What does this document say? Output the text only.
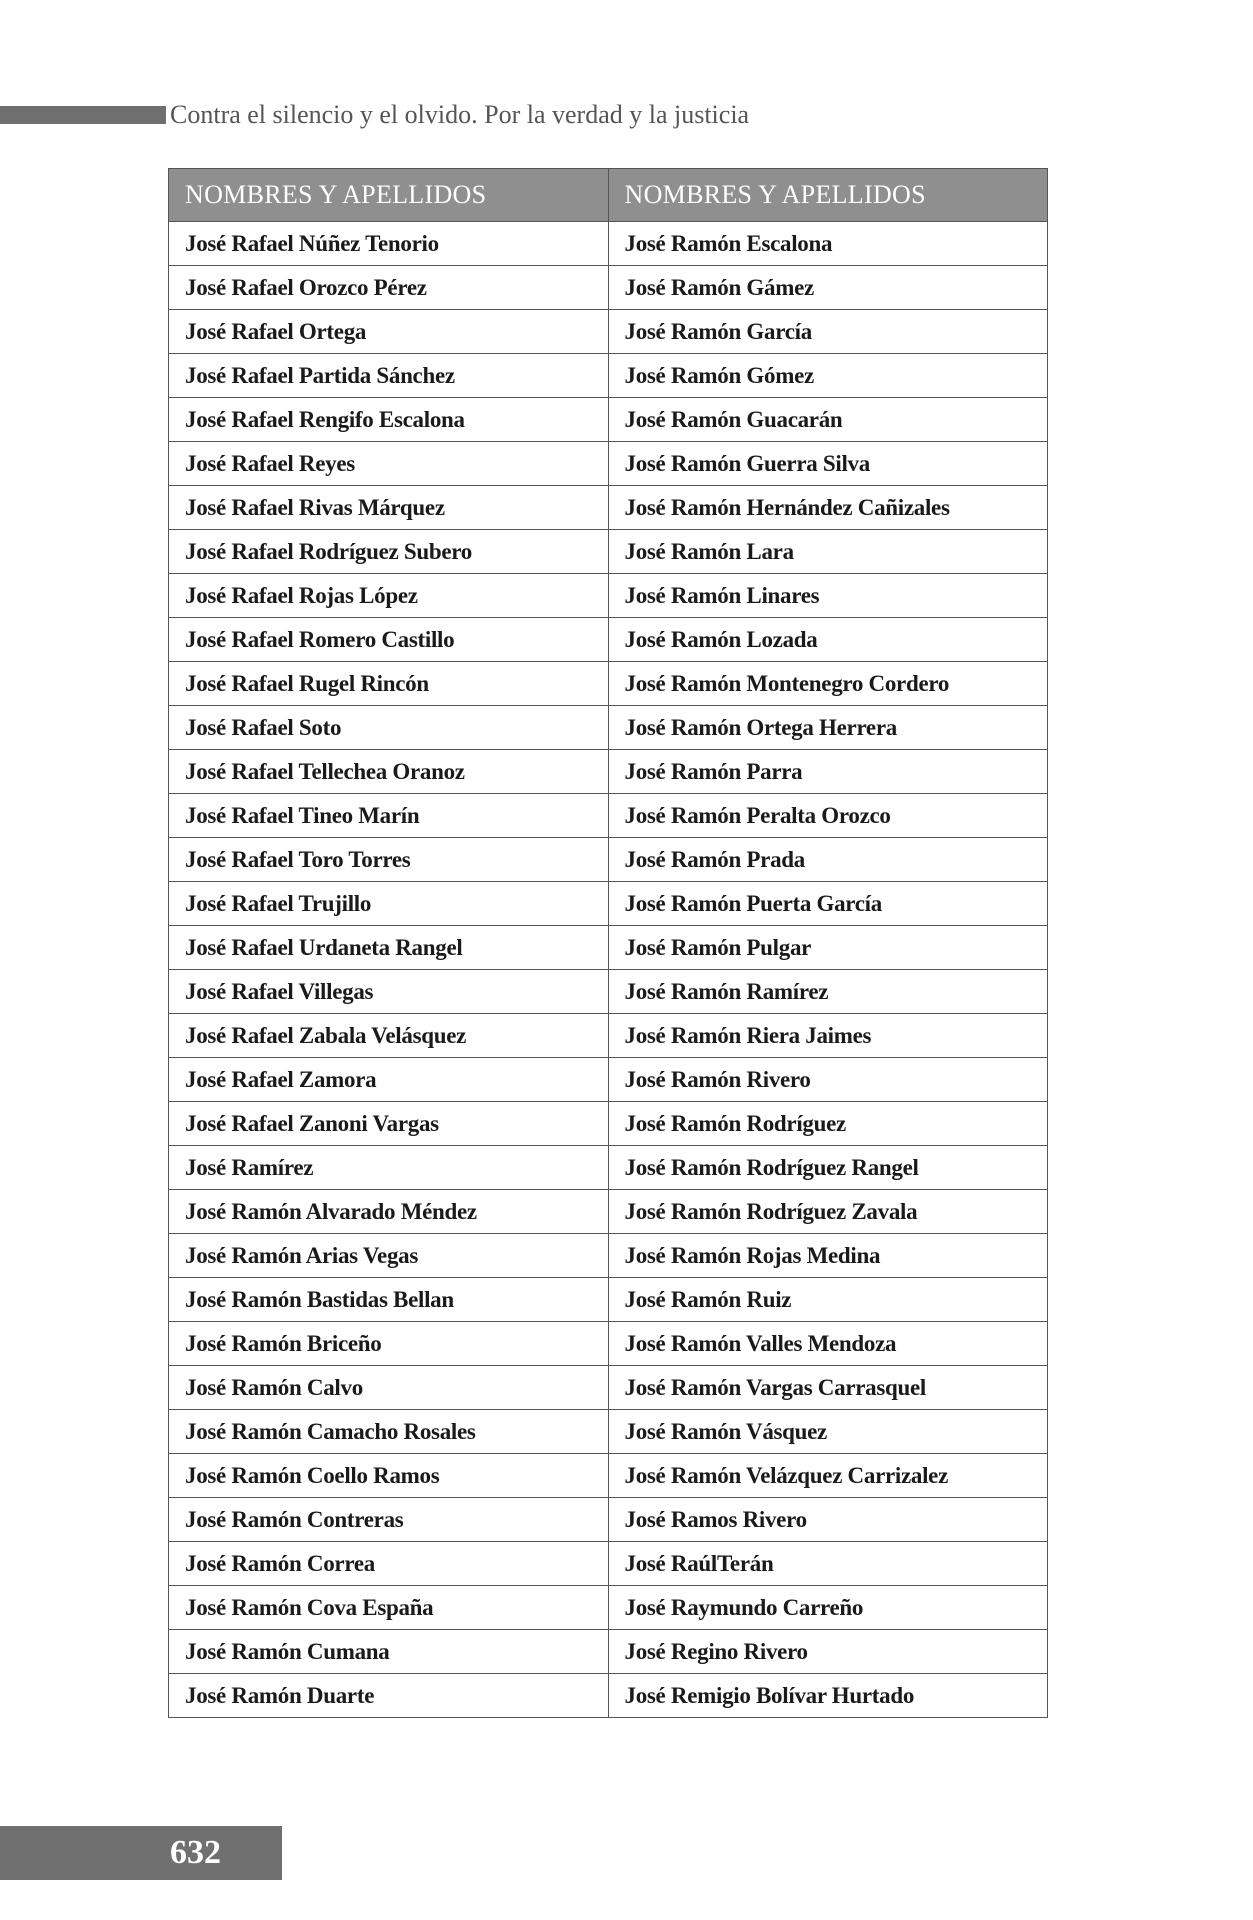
Contra el silencio y el olvido. Por la verdad y la justicia
NOMBRES Y APELLIDOS	NOMBRES Y APELLIDOS
José Rafael Núñez Tenorio	José Ramón Escalona
José Rafael Orozco Pérez	José Ramón Gámez
José Rafael Ortega	José Ramón García
José Rafael Partida Sánchez	José Ramón Gómez
José Rafael Rengifo Escalona	José Ramón Guacarán
José Rafael Reyes	José Ramón Guerra Silva
José Rafael Rivas Márquez	José Ramón Hernández Cañizales
José Rafael Rodríguez Subero	José Ramón Lara
José Rafael Rojas López	José Ramón Linares
José Rafael Romero Castillo	José Ramón Lozada
José Rafael Rugel Rincón	José Ramón Montenegro Cordero
José Rafael Soto	José Ramón Ortega Herrera
José Rafael Tellechea Oranoz	José Ramón Parra
José Rafael Tineo Marín	José Ramón Peralta Orozco
José Rafael Toro Torres	José Ramón Prada
José Rafael Trujillo	José Ramón Puerta García
José Rafael Urdaneta Rangel	José Ramón Pulgar
José Rafael Villegas	José Ramón Ramírez
José Rafael Zabala Velásquez	José Ramón Riera Jaimes
José Rafael Zamora	José Ramón Rivero
José Rafael Zanoni Vargas	José Ramón Rodríguez
José Ramírez	José Ramón Rodríguez Rangel
José Ramón Alvarado Méndez	José Ramón Rodríguez Zavala
José Ramón Arias Vegas	José Ramón Rojas Medina
José Ramón Bastidas Bellan	José Ramón Ruiz
José Ramón Briceño	José Ramón Valles Mendoza
José Ramón Calvo	José Ramón Vargas Carrasquel
José Ramón Camacho Rosales	José Ramón Vásquez
José Ramón Coello Ramos	José Ramón Velázquez Carrizalez
José Ramón Contreras	José Ramos Rivero
José Ramón Correa	José RaúlTerán
José Ramón Cova España	José Raymundo Carreño
José Ramón Cumana	José Regino Rivero
José Ramón Duarte	José Remigio Bolívar Hurtado
632
